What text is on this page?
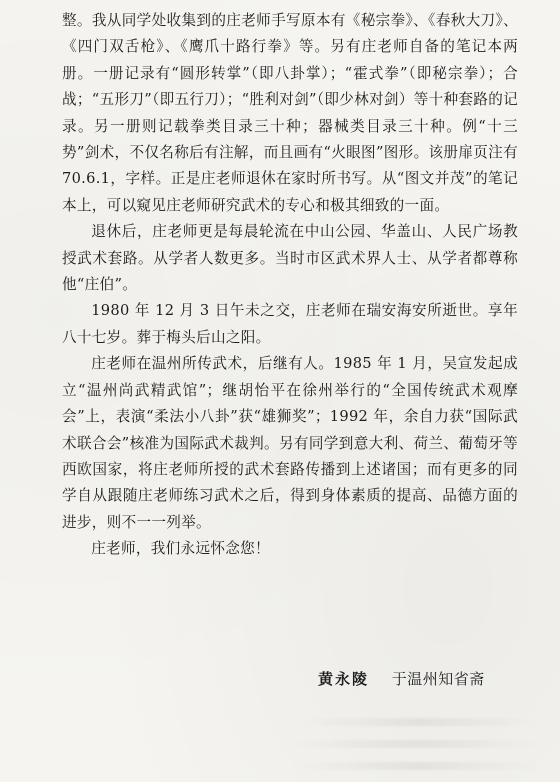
整。我从同学处收集到的庄老师手写原本有《秘宗拳》、《春秋大刀》、《四门双舌枪》、《鹰爪十路行拳》等。另有庄老师自备的笔记本两册。一册记录有“圆形转掌”（即八卦掌）；“霍式拳”（即秘宗拳）；合战；“五形刀”（即五行刀）；“胜利对剑”（即少林对剑）等十种套路的记录。另一册则记载拳类目录三十种；器械类目录三十种。例“十三势”剑术，不仅名称后有注解，而且画有“火眼图”图形。该册扉页注有 70.6.1，字样。正是庄老师退休在家时所书写。从“图文并茂”的笔记本上，可以窥见庄老师研究武术的专心和极其细致的一面。

退休后，庄老师更是每晨轮流在中山公园、华盖山、人民广场教授武术套路。从学者人数更多。当时市区武术界人士、从学者都尊称他“庄伯”。

1980 年 12 月 3 日午未之交，庄老师在瑞安海安所逝世。享年八十七岁。葬于梅头后山之阳。

庄老师在温州所传武术，后继有人。1985 年 1 月，吴宣发起成立“温州尚武精武馆”；继胡怡平在徐州举行的“全国传统武术观摩会”上，表演“柔法小八卦”获“雄狮奖”；1992 年，余自力获“国际武术联合会”核准为国际武术裁判。另有同学到意大利、荷兰、葡萄牙等西欧国家，将庄老师所授的武术套路传播到上述诸国；而有更多的同学自从跟随庄老师练习武术之后，得到身体素质的提高、品德方面的进步，则不一一列举。

庄老师，我们永远怀念您！

黄永陵 于温州知省斋
